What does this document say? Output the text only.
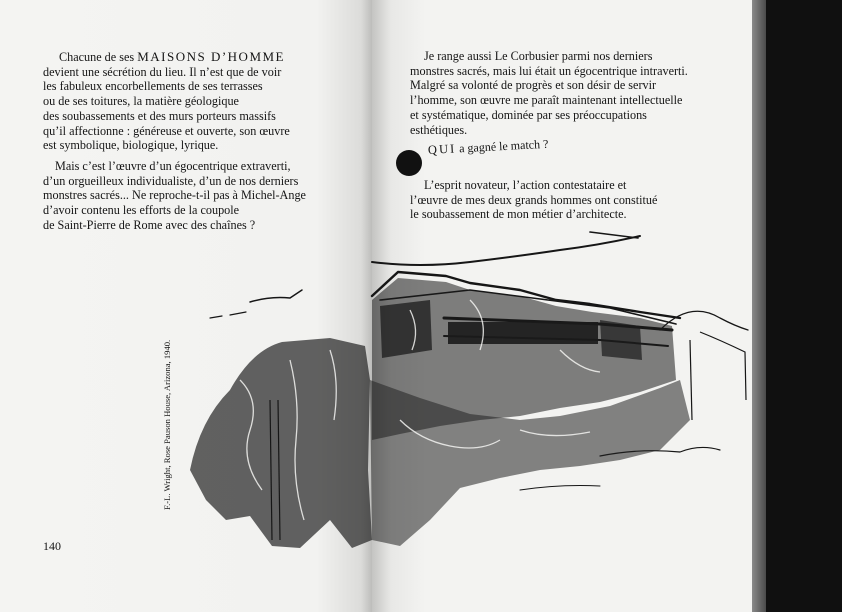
Chacune de ses MAISONS D’HOMME

devient une sécrétion du lieu. Il n’est que de voir

les fabuleux encorbellements de ses terrasses

ou de ses toitures, la matière géologique

des soubassements et des murs porteurs massifs

qu’il affectionne : généreuse et ouverte, son œuvre

est symbolique, biologique, lyrique.

Mais c’est l’œuvre d’un égocentrique extraverti,

d’un orgueilleux individualiste, d’un de nos derniers

monstres sacrés... Ne reproche-t-il pas à Michel-Ange

d’avoir contenu les efforts de la coupole

de Saint-Pierre de Rome avec des chaînes ?

F.-L. Wright, Rose Pauson House, Arizona, 1940.
140

Je range aussi Le Corbusier parmi nos derniers

monstres sacrés, mais lui était un égocentrique intraverti.

Malgré sa volonté de progrès et son désir de servir

l’homme, son œuvre me paraît maintenant intellectuelle

et systématique, dominée par ses préoccupations

esthétiques.

QUI a gagné le match ?

L’esprit novateur, l’action contestataire et

l’œuvre de mes deux grands hommes ont constitué

le soubassement de mon métier d’architecte.
